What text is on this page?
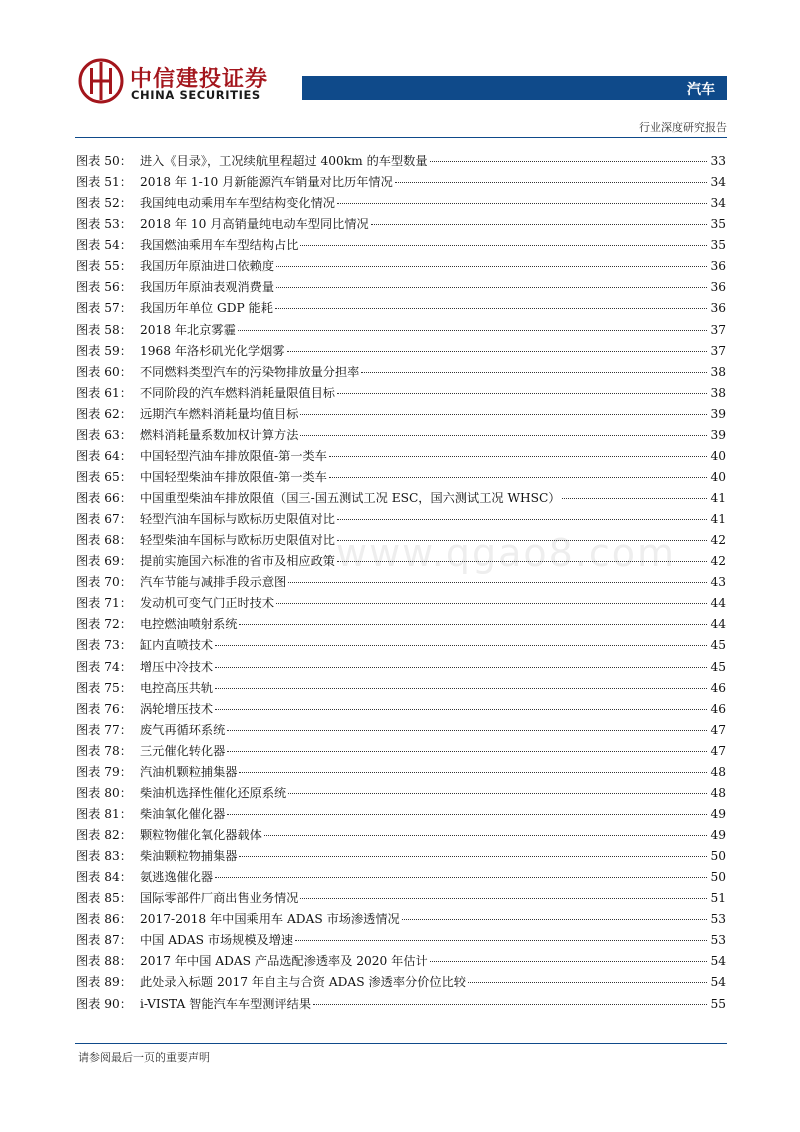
中信建投证券
CHINA SECURITIES	汽车
行业深度研究报告
www.qgao8.com
图表 50： 进入《目录》，工况续航里程超过 400km 的车型数量	33
图表 51： 2018 年 1-10 月新能源汽车销量对比历年情况	34
图表 52： 我国纯电动乘用车车型结构变化情况	34
图表 53： 2018 年 10 月高销量纯电动车型同比情况	35
图表 54： 我国燃油乘用车车型结构占比	35
图表 55： 我国历年原油进口依赖度	36
图表 56： 我国历年原油表观消费量	36
图表 57： 我国历年单位 GDP 能耗	36
图表 58： 2018 年北京雾霾	37
图表 59： 1968 年洛杉矶光化学烟雾	37
图表 60： 不同燃料类型汽车的污染物排放量分担率	38
图表 61： 不同阶段的汽车燃料消耗量限值目标	38
图表 62： 远期汽车燃料消耗量均值目标	39
图表 63： 燃料消耗量系数加权计算方法	39
图表 64： 中国轻型汽油车排放限值-第一类车	40
图表 65： 中国轻型柴油车排放限值-第一类车	40
图表 66： 中国重型柴油车排放限值（国三-国五测试工况 ESC，国六测试工况 WHSC）	41
图表 67： 轻型汽油车国标与欧标历史限值对比	41
图表 68： 轻型柴油车国标与欧标历史限值对比	42
图表 69： 提前实施国六标准的省市及相应政策	42
图表 70： 汽车节能与减排手段示意图	43
图表 71： 发动机可变气门正时技术	44
图表 72： 电控燃油喷射系统	44
图表 73： 缸内直喷技术	45
图表 74： 增压中冷技术	45
图表 75： 电控高压共轨	46
图表 76： 涡轮增压技术	46
图表 77： 废气再循环系统	47
图表 78： 三元催化转化器	47
图表 79： 汽油机颗粒捕集器	48
图表 80： 柴油机选择性催化还原系统	48
图表 81： 柴油氧化催化器	49
图表 82： 颗粒物催化氧化器载体	49
图表 83： 柴油颗粒物捕集器	50
图表 84： 氨逃逸催化器	50
图表 85： 国际零部件厂商出售业务情况	51
图表 86： 2017-2018 年中国乘用车 ADAS 市场渗透情况	53
图表 87： 中国 ADAS 市场规模及增速	53
图表 88： 2017 年中国 ADAS 产品选配渗透率及 2020 年估计	54
图表 89： 此处录入标题 2017 年自主与合资 ADAS 渗透率分价位比较	54
图表 90： i-VISTA 智能汽车车型测评结果	55
请参阅最后一页的重要声明
